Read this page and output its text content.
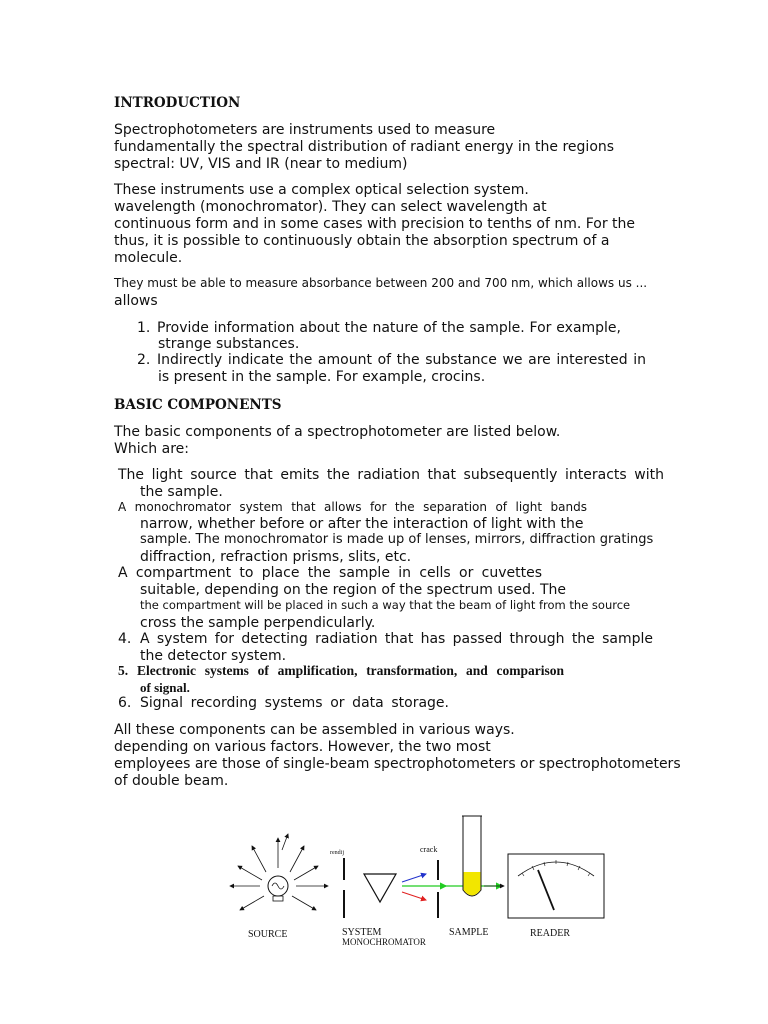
INTRODUCTION
Spectrophotometers are instruments used to measure
fundamentally the spectral distribution of radiant energy in the regions
spectral: UV, VIS and IR (near to medium)
These instruments use a complex optical selection system.
wavelength (monochromator). They can select wavelength at
continuous form and in some cases with precision to tenths of nm. For the
thus, it is possible to continuously obtain the absorption spectrum of a
molecule.
They must be able to measure absorbance between 200 and 700 nm, which allows us ...
allows
1. Provide information about the nature of the sample. For example,
strange substances.
2. Indirectly indicate the amount of the substance we are interested in
is present in the sample. For example, crocins.
BASIC COMPONENTS
The basic components of a spectrophotometer are listed below.
Which are:
The light source that emits the radiation that subsequently interacts with
the sample.
A monochromator system that allows for the separation of light bands
narrow, whether before or after the interaction of light with the
sample. The monochromator is made up of lenses, mirrors, diffraction gratings
diffraction, refraction prisms, slits, etc.
A compartment to place the sample in cells or cuvettes
suitable, depending on the region of the spectrum used. The
the compartment will be placed in such a way that the beam of light from the source
cross the sample perpendicularly.
4. A system for detecting radiation that has passed through the sample
the detector system.
5. Electronic systems of amplification, transformation, and comparison
of signal.
6. Signal recording systems or data storage.
All these components can be assembled in various ways.
depending on various factors. However, the two most
employees are those of single-beam spectrophotometers or spectrophotometers
of double beam.
SOURCE
rendij
SYSTEM
MONOCHROMATOR
crack
SAMPLE	READER
